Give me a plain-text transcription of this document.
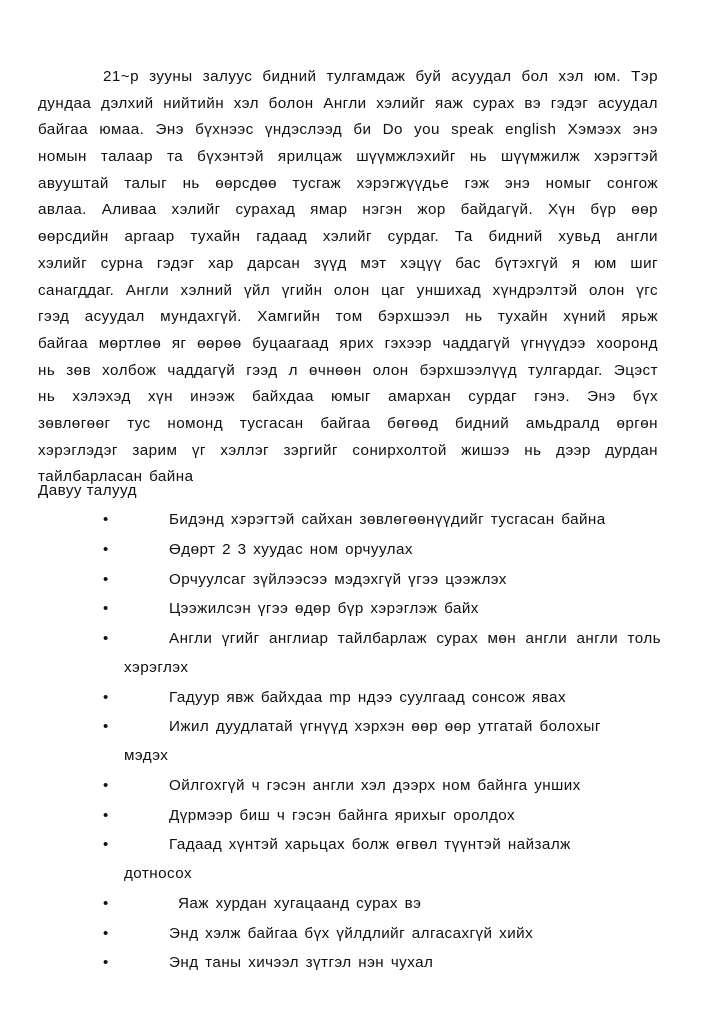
21~р зууны залуус бидний тулгамдаж буй асуудал бол хэл юм. Тэр
дундаа дэлхий нийтийн хэл болон Англи хэлийг яаж сурах вэ гэдэг асуудал
байгаа юмаа. Энэ бүхнээс үндэслээд би Do you speak english Хэмээх энэ
номын талаар та бүхэнтэй ярилцаж шүүмжлэхийг нь шүүмжилж хэрэгтэй
авууштай талыг нь өөрсдөө тусгаж хэрэгжүүдье гэж энэ номыг сонгож
авлаа. Аливаа хэлийг сурахад ямар нэгэн жор байдагүй. Хүн бүр өөр
өөрсдийн аргаар тухайн гадаад хэлийг сурдаг. Та бидний хувьд англи
хэлийг сурна гэдэг хар дарсан зүүд мэт хэцүү бас бүтэхгүй я юм шиг
санагддаг. Англи хэлний үйл үгийн олон цаг уншихад хүндрэлтэй олон үгс
гээд асуудал мундахгүй. Хамгийн том бэрхшээл нь тухайн хүний ярьж
байгаа мөртлөө яг өөрөө буцаагаад ярих гэхээр чаддагүй үгнүүдээ хооронд
нь зөв холбож чаддагүй гээд л өчнөөн олон бэрхшээлүүд тулгардаг. Эцэст
нь хэлэхэд хүн инээж байхдаа юмыг амархан сурдаг гэнэ. Энэ бүх
зөвлөгөөг тус номонд тусгасан байгаа бөгөөд бидний амьдралд өргөн
хэрэглэдэг зарим үг хэллэг зэргийг сонирхолтой жишээ нь дээр дурдан
тайлбарласан байна
Давуу талууд
•	Бидэнд хэрэгтэй сайхан зөвлөгөөнүүдийг тусгасан байна
•	Өдөрт 2 3 хуудас ном орчуулах
•	Орчуулсаг зүйлээсээ мэдэхгүй үгээ цээжлэх
•	Цээжилсэн үгээ өдөр бүр хэрэглэж байх
•	Англи үгийг англиар тайлбарлаж сурах мөн англи англи толь
хэрэглэх
•	Гадуур явж байхдаа mp ндээ суулгаад сонсож явах
•	Ижил дуудлатай үгнүүд хэрхэн өөр өөр утгатай болохыг
мэдэх
•	Ойлгохгүй ч гэсэн англи хэл дээрх ном байнга унших
•	Дүрмээр биш ч гэсэн байнга ярихыг оролдох
•	Гадаад хүнтэй харьцах болж өгвөл түүнтэй найзалж
дотносох
•	Яаж хурдан хугацаанд сурах вэ
•	Энд хэлж байгаа бүх үйлдлийг алгасахгүй хийх
•	Энд таны хичээл зүтгэл нэн чухал
